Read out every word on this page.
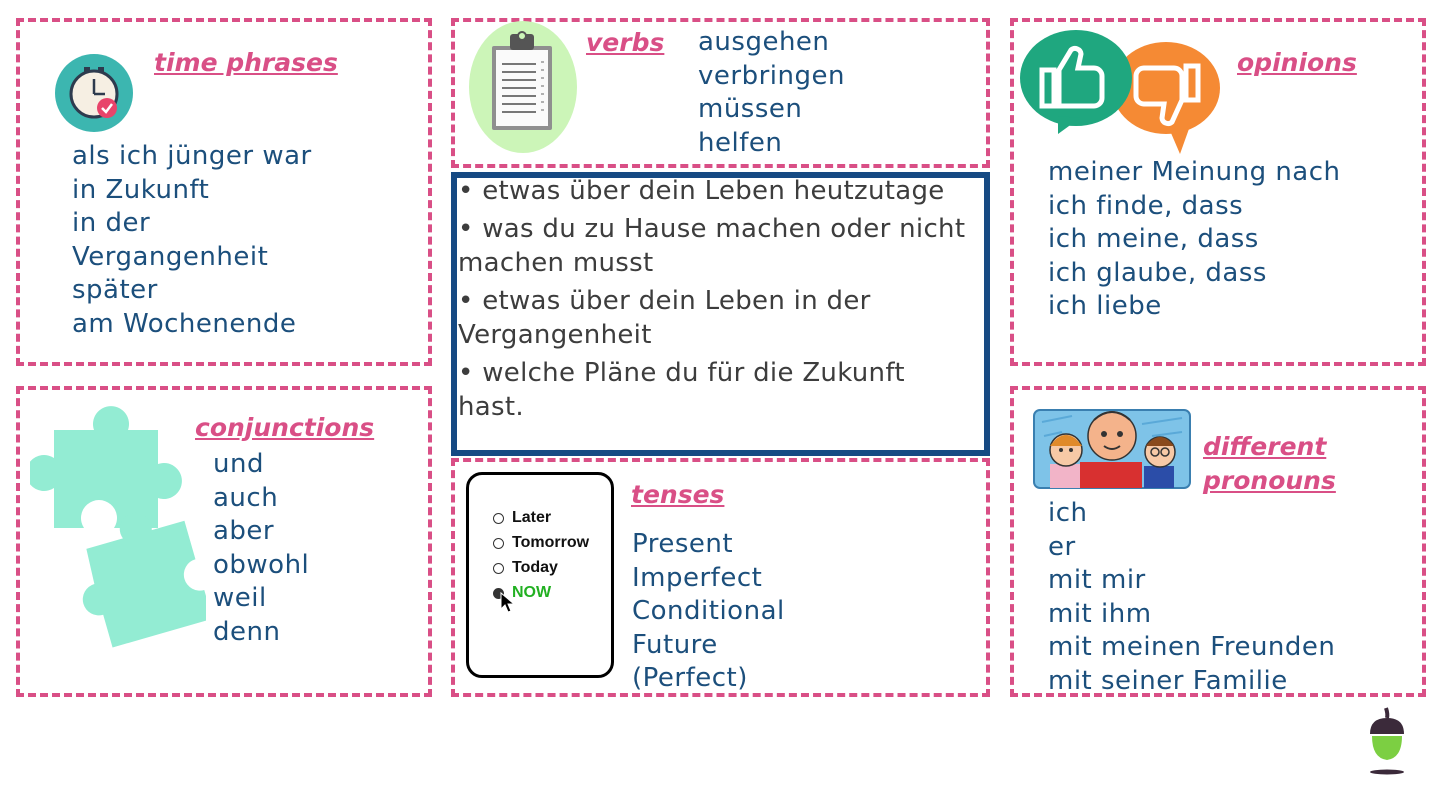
time phrases
als ich jünger war
in Zukunft
in der
Vergangenheit
später
am Wochenende
verbs ausgehen
verbringen
müssen
helfen
opinions
meiner Meinung nach
ich finde, dass
ich meine, dass
ich glaube, dass
ich liebe
conjunctions
und
auch
aber
obwohl
weil
denn
Later
Tomorrow
Today
NOW
tenses
Present
Imperfect
Conditional
Future
(Perfect)

• etwas über dein Leben heutzutage

• was du zu Hause machen oder nicht machen musst

• etwas über dein Leben in der Vergangenheit

• welche Pläne du für die Zukunft hast.

different
pronouns
ich
er
mit mir
mit ihm
mit meinen Freunden
mit seiner Familie
